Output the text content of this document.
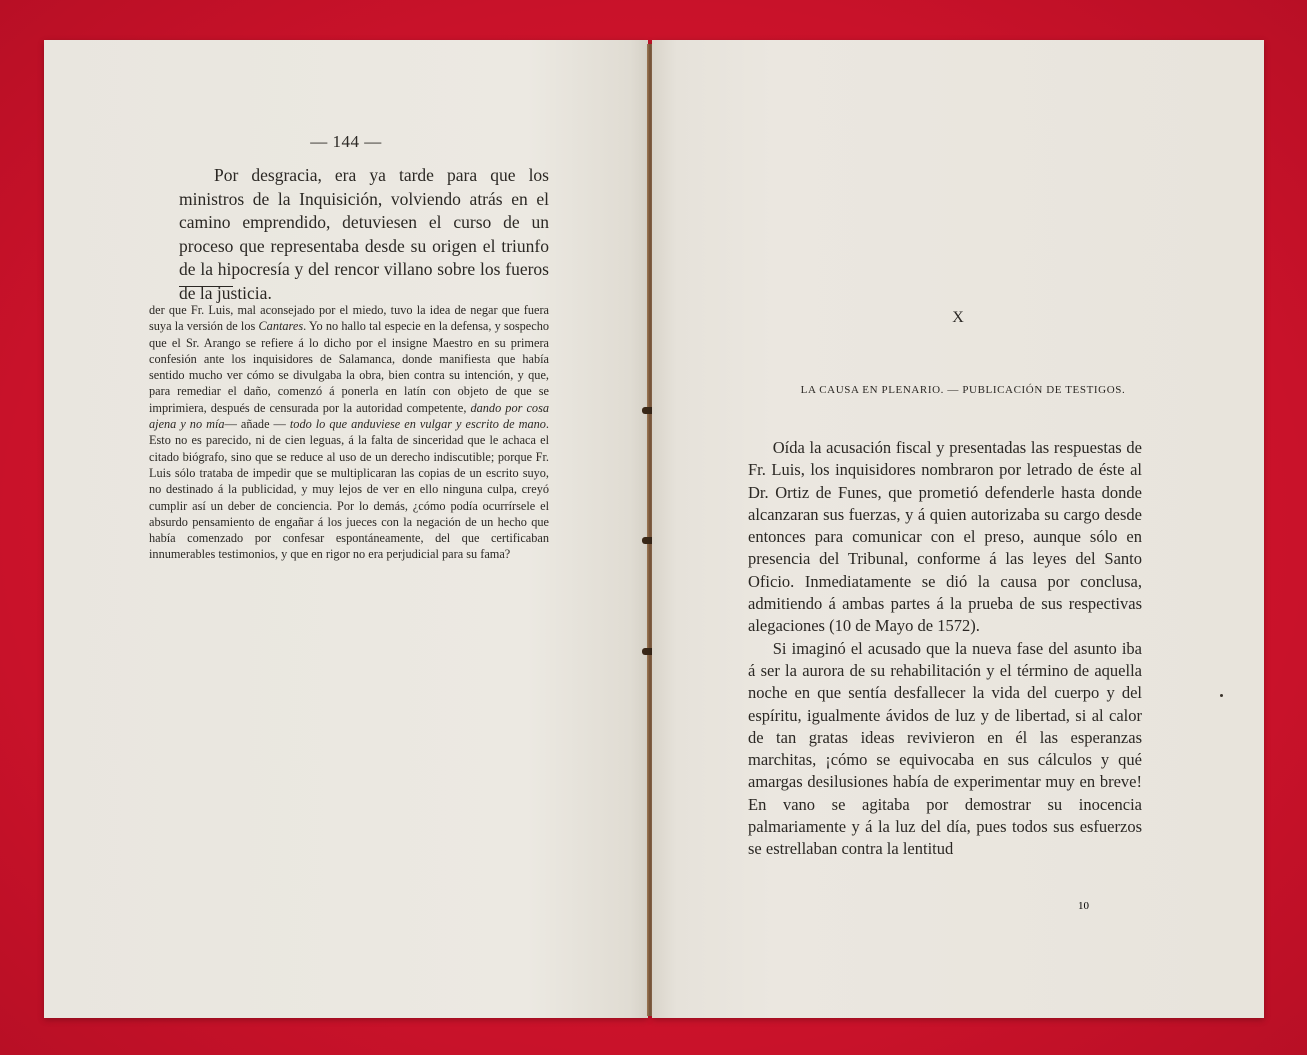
— 144 —

Por desgracia, era ya tarde para que los ministros de la Inquisición, volviendo atrás en el camino emprendido, detuviesen el curso de un proceso que representaba desde su origen el triunfo de la hipocresía y del rencor villano sobre los fueros de la justicia.

der que Fr. Luis, mal aconsejado por el miedo, tuvo la idea de negar que fuera suya la versión de los Cantares. Yo no hallo tal especie en la defensa, y sospecho que el Sr. Arango se refiere á lo dicho por el insigne Maestro en su primera confesión ante los inquisidores de Salamanca, donde manifiesta que había sentido mucho ver cómo se divulgaba la obra, bien contra su intención, y que, para remediar el daño, comenzó á ponerla en latín con objeto de que se imprimiera, después de censurada por la autoridad competente, dando por cosa ajena y no mía— añade — todo lo que anduviese en vulgar y escrito de mano. Esto no es parecido, ni de cien leguas, á la falta de sinceridad que le achaca el citado biógrafo, sino que se reduce al uso de un derecho indiscutible; porque Fr. Luis sólo trataba de impedir que se multiplicaran las copias de un escrito suyo, no destinado á la publicidad, y muy lejos de ver en ello ninguna culpa, creyó cumplir así un deber de conciencia. Por lo demás, ¿cómo podía ocurrírsele el absurdo pensamiento de engañar á los jueces con la negación de un hecho que había comenzado por confesar espontáneamente, del que certificaban innumerables testimonios, y que en rigor no era perjudicial para su fama?

X
LA CAUSA EN PLENARIO. — PUBLICACIÓN DE TESTIGOS.

Oída la acusación fiscal y presentadas las respuestas de Fr. Luis, los inquisidores nombraron por letrado de éste al Dr. Ortiz de Funes, que prometió defenderle hasta donde alcanzaran sus fuerzas, y á quien autorizaba su cargo desde entonces para comunicar con el preso, aunque sólo en presencia del Tribunal, conforme á las leyes del Santo Oficio. Inmediatamente se dió la causa por conclusa, admitiendo á ambas partes á la prueba de sus respectivas alegaciones (10 de Mayo de 1572).

Si imaginó el acusado que la nueva fase del asunto iba á ser la aurora de su rehabilitación y el término de aquella noche en que sentía desfallecer la vida del cuerpo y del espíritu, igualmente ávidos de luz y de libertad, si al calor de tan gratas ideas revivieron en él las esperanzas marchitas, ¡cómo se equivocaba en sus cálculos y qué amargas desilusiones había de experimentar muy en breve! En vano se agitaba por demostrar su inocencia palmariamente y á la luz del día, pues todos sus esfuerzos se estrellaban contra la lentitud

10
